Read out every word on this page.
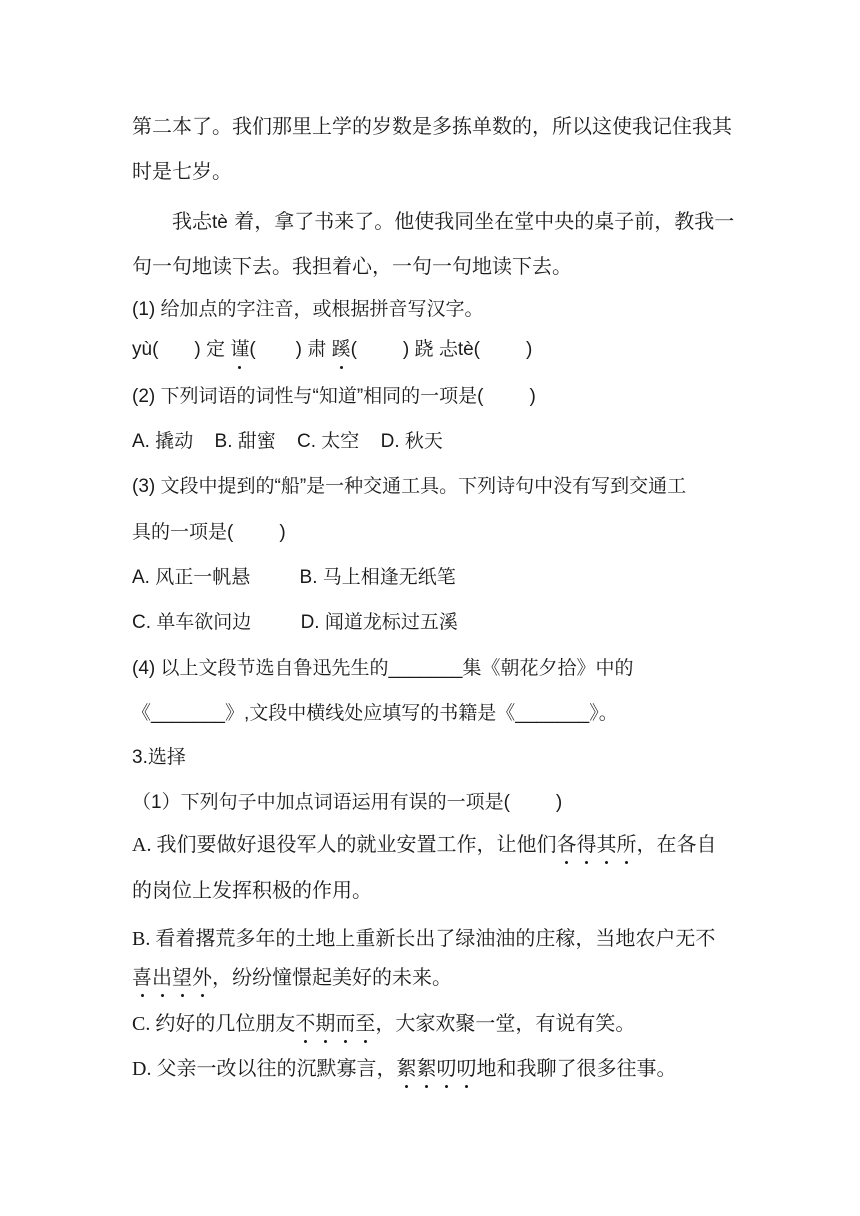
第二本了。我们那里上学的岁数是多拣单数的，所以这使我记住我其
时是七岁。
我忐tè 着，拿了书来了。他使我同坐在堂中央的桌子前，教我一
句一句地读下去。我担着心，一句一句地读下去。
(1) 给加点的字注音，或根据拼音写汉字。
yù( ) 定 谨( ) 肃 蹊( ) 跷 忐tè( )
(2) 下列词语的词性与“知道”相同的一项是( )
A. 撬动 B. 甜蜜 C. 太空 D. 秋天
(3) 文段中提到的“船”是一种交通工具。下列诗句中没有写到交通工
具的一项是( )
A. 风正一帆悬	B. 马上相逢无纸笔
C. 单车欲问边	D. 闻道龙标过五溪
(4) 以上文段节选自鲁迅先生的_______集《朝花夕拾》中的
《_______》,文段中横线处应填写的书籍是《_______》。
3.选择
（1）下列句子中加点词语运用有误的一项是( )
A. 我们要做好退役军人的就业安置工作，让他们各得其所，在各自
的岗位上发挥积极的作用。
B. 看着撂荒多年的土地上重新长出了绿油油的庄稼，当地农户无不
喜出望外，纷纷憧憬起美好的未来。
C. 约好的几位朋友不期而至，大家欢聚一堂，有说有笑。
D. 父亲一改以往的沉默寡言，絮絮叨叨地和我聊了很多往事。
